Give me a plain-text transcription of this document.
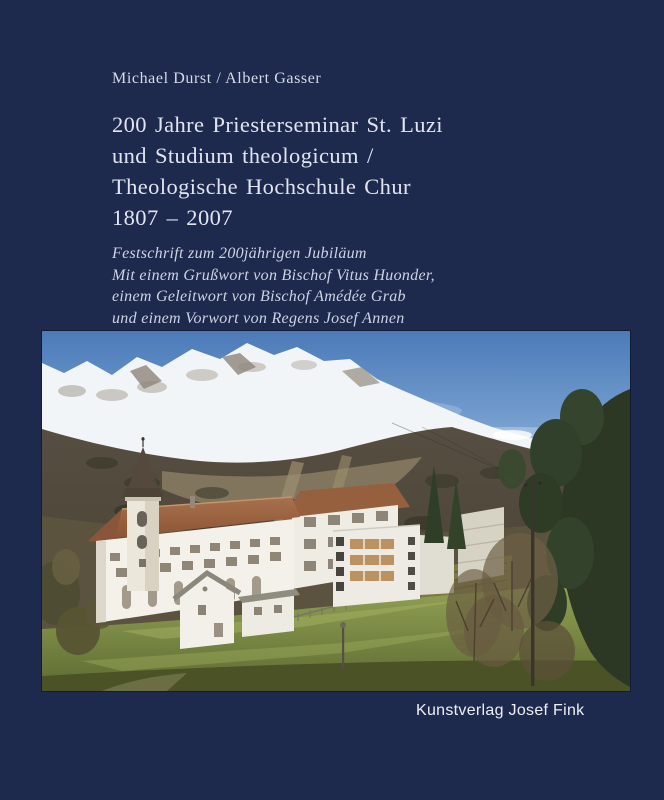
Michael Durst / Albert Gasser
200 Jahre Priesterseminar St. Luzi
und Studium theologicum /
Theologische Hochschule Chur
1807 – 2007
Festschrift zum 200jährigen Jubiläum
Mit einem Grußwort von Bischof Vitus Huonder,
einem Geleitwort von Bischof Amédée Grab
und einem Vorwort von Regens Josef Annen
Kunstverlag Josef Fink
